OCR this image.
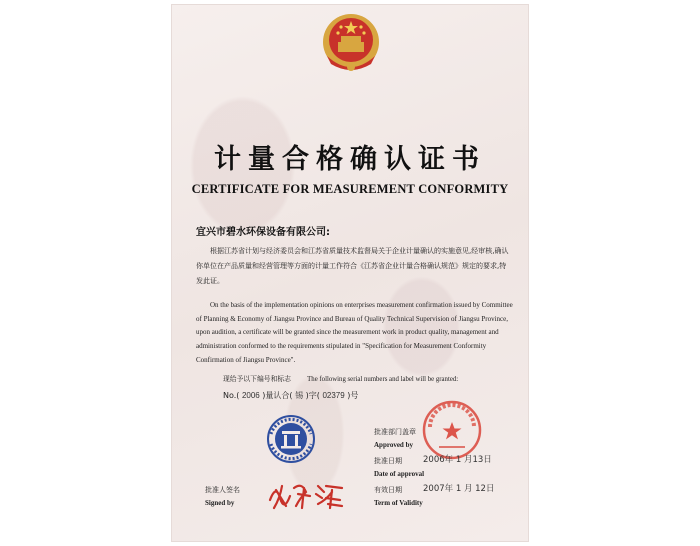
计量合格确认证书
CERTIFICATE FOR MEASUREMENT CONFORMITY
宜兴市碧水环保设备有限公司:
根据江苏省计划与经济委员会和江苏省质量技术监督局关于企业计量确认的实施意见,经审核,确认你单位在产品质量和经营管理等方面的计量工作符合《江苏省企业计量合格确认规范》规定的要求,特发此证。
On the basis of the implementation opinions on enterprises measurement confirmation issued by Committee of Planning & Economy of Jiangsu Province and Bureau of Quality Technical Supervision of Jiangsu Province, upon audition, a certificate will be granted since the measurement work in product quality, management and administration conformed to the requirements stipulated in "Specification for Measurement Conformity Confirmation of Jiangsu Province".
现给予以下编号和标志 The following serial numbers and label will be granted:
No.( 2006 )量认合( 锡 )字( 02379 )号
批准部门盖章
Approved by
批准日期 2006年 1 月13日
Date of approval
有效日期 2007年 1 月 12日
Term of Validity
批准人签名
Signed by
